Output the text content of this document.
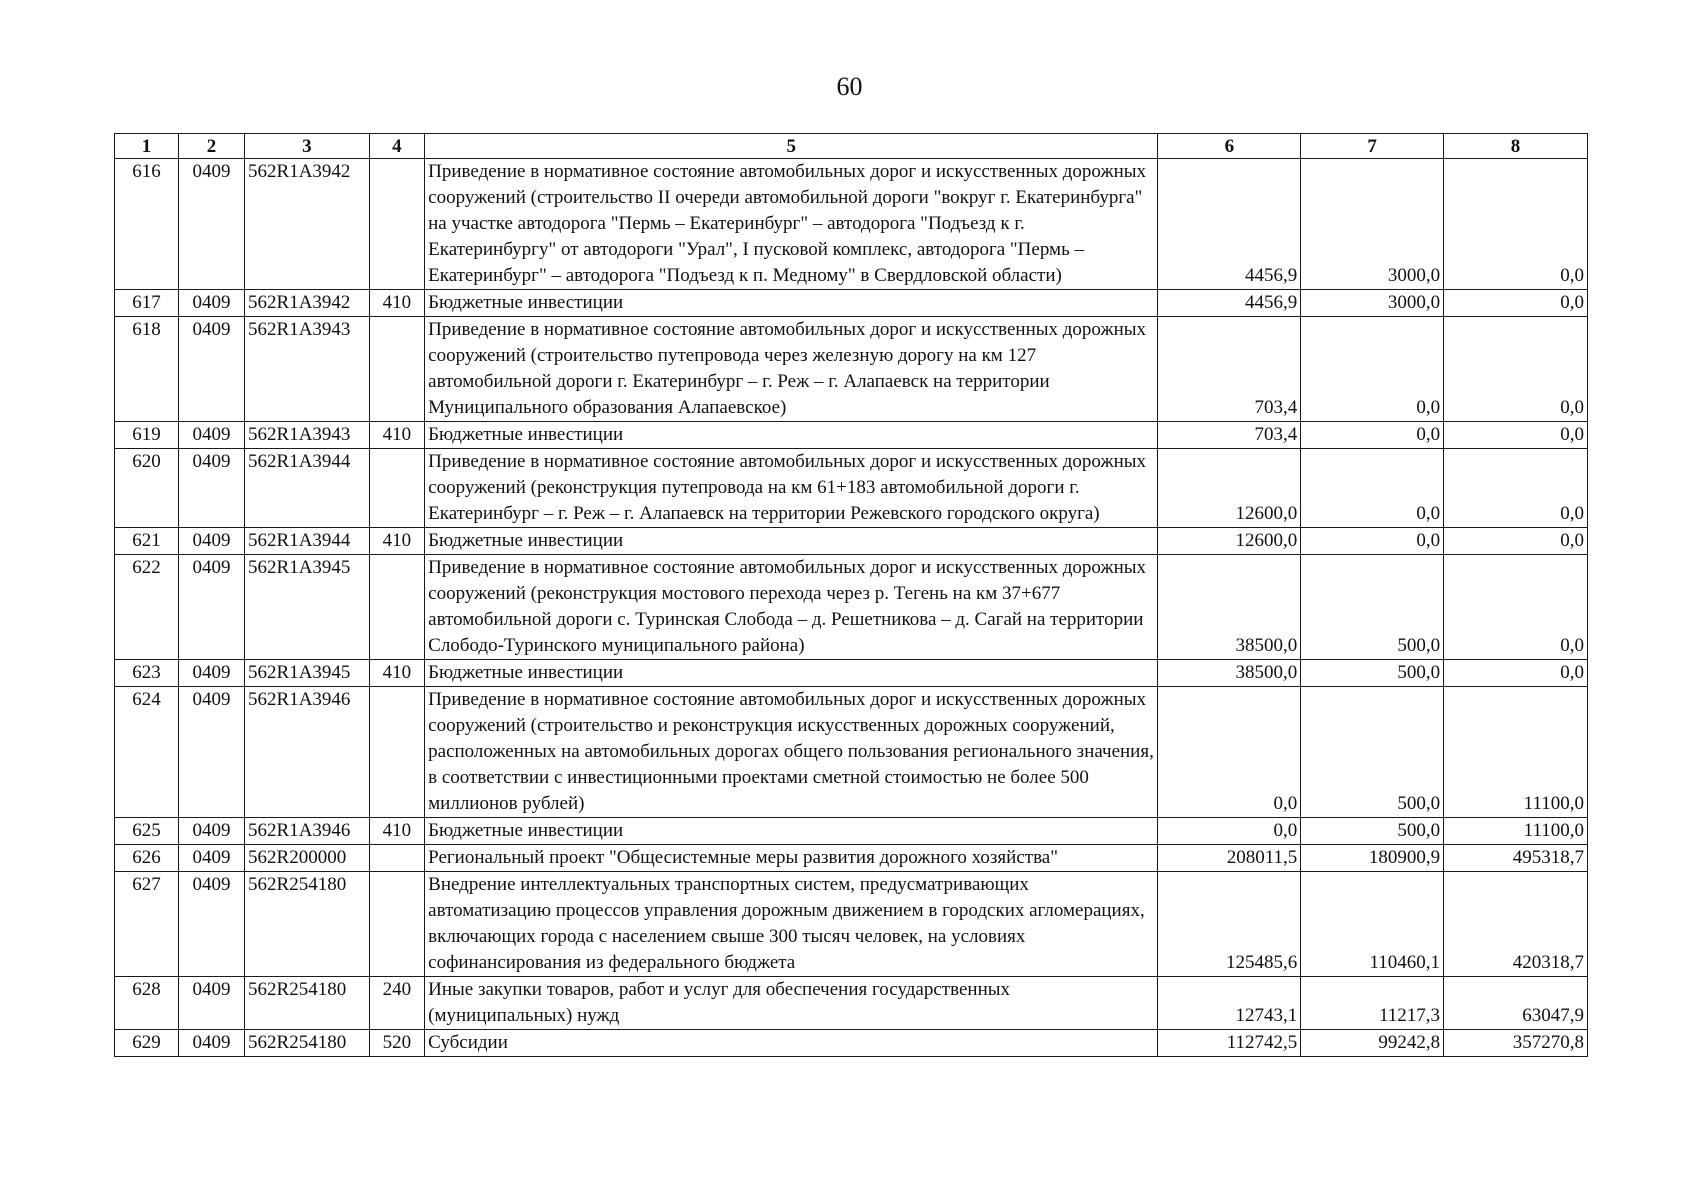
60
1	2	3	4	5	6	7	8
616	0409	562R1A3942		Приведение в нормативное состояние автомобильных дорог и искусственных дорожных сооружений (строительство II очереди автомобильной дороги "вокруг г. Екатеринбурга" на участке автодорога "Пермь – Екатеринбург" – автодорога "Подъезд к г. Екатеринбургу" от автодороги "Урал", I пусковой комплекс, автодорога "Пермь – Екатеринбург" – автодорога "Подъезд к п. Медному" в Свердловской области)	4456,9	3000,0	0,0
617	0409	562R1A3942	410	Бюджетные инвестиции	4456,9	3000,0	0,0
618	0409	562R1A3943		Приведение в нормативное состояние автомобильных дорог и искусственных дорожных сооружений (строительство путепровода через железную дорогу на км 127 автомобильной дороги г. Екатеринбург – г. Реж – г. Алапаевск на территории Муниципального образования Алапаевское)	703,4	0,0	0,0
619	0409	562R1A3943	410	Бюджетные инвестиции	703,4	0,0	0,0
620	0409	562R1A3944		Приведение в нормативное состояние автомобильных дорог и искусственных дорожных сооружений (реконструкция путепровода на км 61+183 автомобильной дороги г. Екатеринбург – г. Реж – г. Алапаевск на территории Режевского городского округа)	12600,0	0,0	0,0
621	0409	562R1A3944	410	Бюджетные инвестиции	12600,0	0,0	0,0
622	0409	562R1A3945		Приведение в нормативное состояние автомобильных дорог и искусственных дорожных сооружений (реконструкция мостового перехода через р. Тегень на км 37+677 автомобильной дороги с. Туринская Слобода – д. Решетникова – д. Сагай на территории Слободо-Туринского муниципального района)	38500,0	500,0	0,0
623	0409	562R1A3945	410	Бюджетные инвестиции	38500,0	500,0	0,0
624	0409	562R1A3946		Приведение в нормативное состояние автомобильных дорог и искусственных дорожных сооружений (строительство и реконструкция искусственных дорожных сооружений, расположенных на автомобильных дорогах общего пользования регионального значения, в соответствии с инвестиционными проектами сметной стоимостью не более 500 миллионов рублей)	0,0	500,0	11100,0
625	0409	562R1A3946	410	Бюджетные инвестиции	0,0	500,0	11100,0
626	0409	562R200000		Региональный проект "Общесистемные меры развития дорожного хозяйства"	208011,5	180900,9	495318,7
627	0409	562R254180		Внедрение интеллектуальных транспортных систем, предусматривающих автоматизацию процессов управления дорожным движением в городских агломерациях, включающих города с населением свыше 300 тысяч человек, на условиях софинансирования из федерального бюджета	125485,6	110460,1	420318,7
628	0409	562R254180	240	Иные закупки товаров, работ и услуг для обеспечения государственных (муниципальных) нужд	12743,1	11217,3	63047,9
629	0409	562R254180	520	Субсидии	112742,5	99242,8	357270,8
